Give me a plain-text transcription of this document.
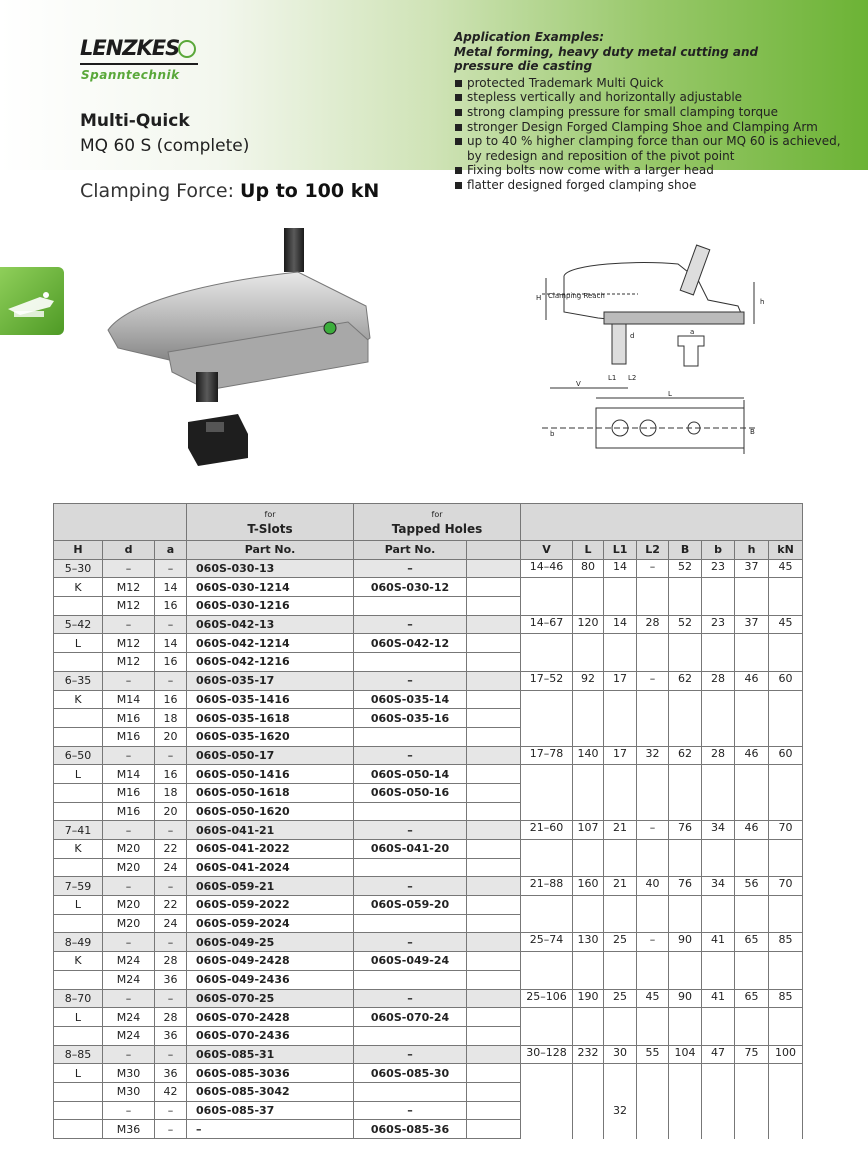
LENZKES
Spanntechnik
Multi-Quick
MQ 60 S (complete)
Clamping Force: Up to 100 kN
Application Examples:
Metal forming, heavy duty metal cutting and
pressure die casting
protected Trademark Multi Quick
stepless vertically and horizontally adjustable
strong clamping pressure for small clamping torque
stronger Design Forged Clamping Shoe and Clamping Arm
up to 40 % higher clamping force than our MQ 60 is achieved, by redesign and reposition of the pivot point
Fixing bolts now come with a larger head
flatter designed forged clamping shoe
Clamping Reach
H
d
L1 L2
V
a
L
b	B
h

			for
T-Slots	for
Tapped Holes									
H	d	a	Part No.	Part No.		V	L	L1	L2	B	b	h	kN
5–30	–	–	060S-030-13	–		14–46	80	14	–	52	23	37	45
K	M12	14	060S-030-1214	060S-030-12									
	M12	16	060S-030-1216										
5–42	–	–	060S-042-13	–		14–67	120	14	28	52	23	37	45
L	M12	14	060S-042-1214	060S-042-12									
	M12	16	060S-042-1216										
6–35	–	–	060S-035-17	–		17–52	92	17	–	62	28	46	60
K	M14	16	060S-035-1416	060S-035-14									
	M16	18	060S-035-1618	060S-035-16									
	M16	20	060S-035-1620										
6–50	–	–	060S-050-17	–		17–78	140	17	32	62	28	46	60
L	M14	16	060S-050-1416	060S-050-14									
	M16	18	060S-050-1618	060S-050-16									
	M16	20	060S-050-1620										
7–41	–	–	060S-041-21	–		21–60	107	21	–	76	34	46	70
K	M20	22	060S-041-2022	060S-041-20									
	M20	24	060S-041-2024										
7–59	–	–	060S-059-21	–		21–88	160	21	40	76	34	56	70
L	M20	22	060S-059-2022	060S-059-20									
	M20	24	060S-059-2024										
8–49	–	–	060S-049-25	–		25–74	130	25	–	90	41	65	85
K	M24	28	060S-049-2428	060S-049-24									
	M24	36	060S-049-2436										
8–70	–	–	060S-070-25	–		25–106	190	25	45	90	41	65	85
L	M24	28	060S-070-2428	060S-070-24									
	M24	36	060S-070-2436										
8–85	–	–	060S-085-31	–		30–128	232	30	55	104	47	75	100
L	M30	36	060S-085-3036	060S-085-30									
	M30	42	060S-085-3042										
	–	–	060S-085-37	–				32					
	M36	–	–	060S-085-36									
